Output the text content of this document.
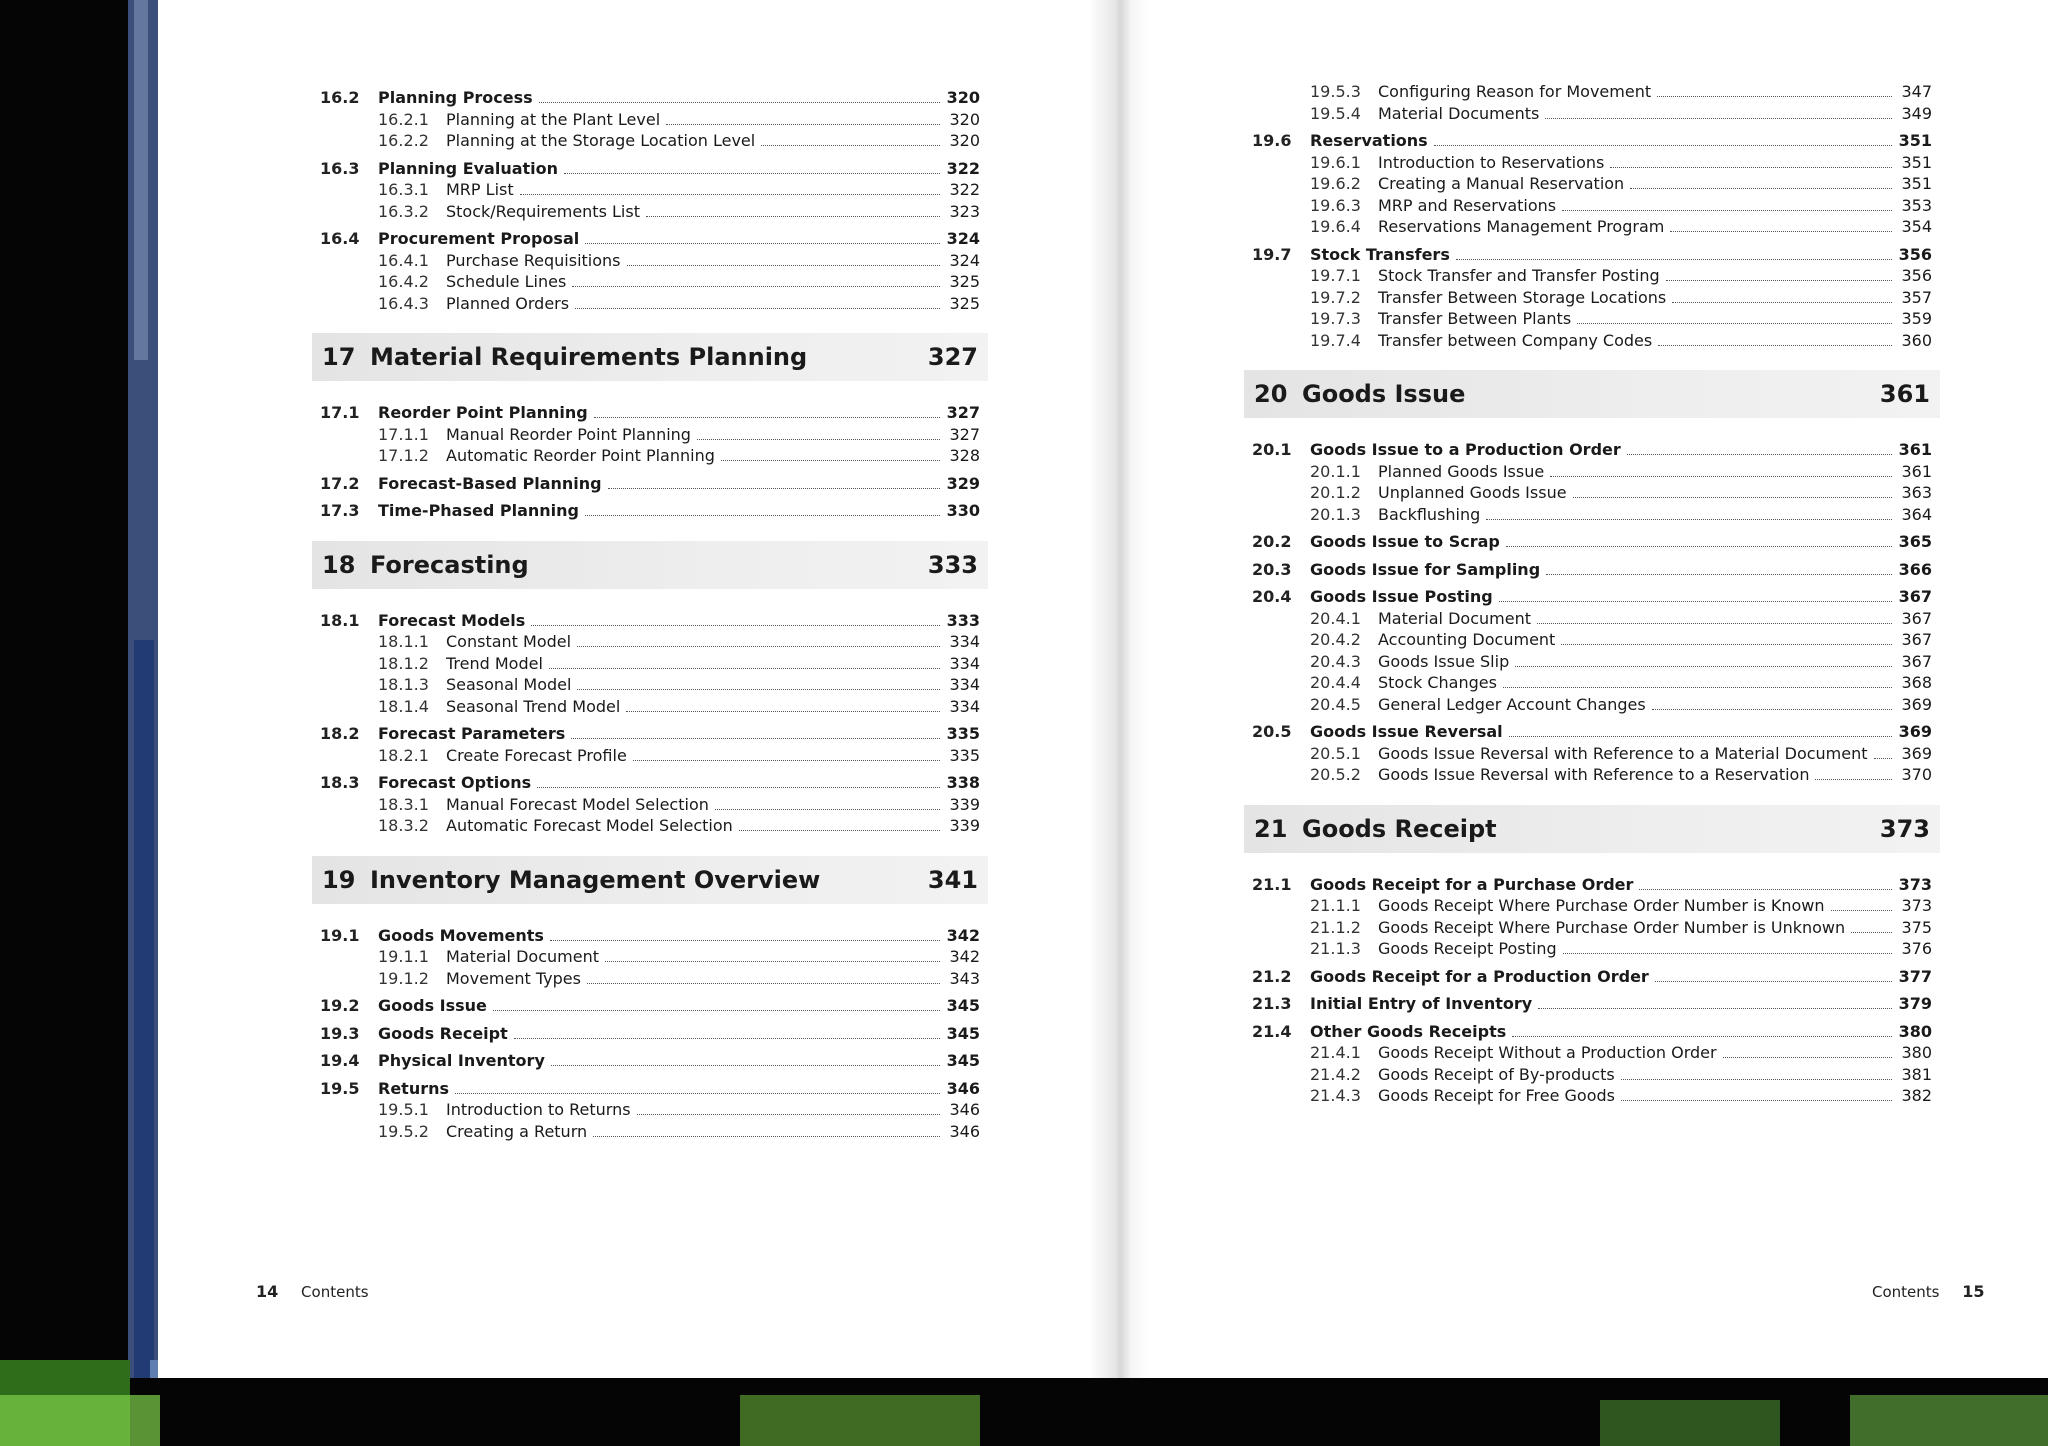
16.2	Planning Process	320
16.2.1	Planning at the Plant Level	320
16.2.2	Planning at the Storage Location Level	320
16.3	Planning Evaluation	322
16.3.1	MRP List	322
16.3.2	Stock/Requirements List	323
16.4	Procurement Proposal	324
16.4.1	Purchase Requisitions	324
16.4.2	Schedule Lines	325
16.4.3	Planned Orders	325
17 Material Requirements Planning	327
17.1	Reorder Point Planning	327
17.1.1	Manual Reorder Point Planning	327
17.1.2	Automatic Reorder Point Planning	328
17.2	Forecast-Based Planning	329
17.3	Time-Phased Planning	330
18 Forecasting	333
18.1	Forecast Models	333
18.1.1	Constant Model	334
18.1.2	Trend Model	334
18.1.3	Seasonal Model	334
18.1.4	Seasonal Trend Model	334
18.2	Forecast Parameters	335
18.2.1	Create Forecast Profile	335
18.3	Forecast Options	338
18.3.1	Manual Forecast Model Selection	339
18.3.2	Automatic Forecast Model Selection	339
19 Inventory Management Overview	341
19.1	Goods Movements	342
19.1.1	Material Document	342
19.1.2	Movement Types	343
19.2	Goods Issue	345
19.3	Goods Receipt	345
19.4	Physical Inventory	345
19.5	Returns	346
19.5.1	Introduction to Returns	346
19.5.2	Creating a Return	346
19.5.3	Configuring Reason for Movement	347
19.5.4	Material Documents	349
19.6	Reservations	351
19.6.1	Introduction to Reservations	351
19.6.2	Creating a Manual Reservation	351
19.6.3	MRP and Reservations	353
19.6.4	Reservations Management Program	354
19.7	Stock Transfers	356
19.7.1	Stock Transfer and Transfer Posting	356
19.7.2	Transfer Between Storage Locations	357
19.7.3	Transfer Between Plants	359
19.7.4	Transfer between Company Codes	360
20 Goods Issue	361
20.1	Goods Issue to a Production Order	361
20.1.1	Planned Goods Issue	361
20.1.2	Unplanned Goods Issue	363
20.1.3	Backflushing	364
20.2	Goods Issue to Scrap	365
20.3	Goods Issue for Sampling	366
20.4	Goods Issue Posting	367
20.4.1	Material Document	367
20.4.2	Accounting Document	367
20.4.3	Goods Issue Slip	367
20.4.4	Stock Changes	368
20.4.5	General Ledger Account Changes	369
20.5	Goods Issue Reversal	369
20.5.1	Goods Issue Reversal with Reference to a Material Document	369
20.5.2	Goods Issue Reversal with Reference to a Reservation	370
21 Goods Receipt	373
21.1	Goods Receipt for a Purchase Order	373
21.1.1	Goods Receipt Where Purchase Order Number is Known	373
21.1.2	Goods Receipt Where Purchase Order Number is Unknown	375
21.1.3	Goods Receipt Posting	376
21.2	Goods Receipt for a Production Order	377
21.3	Initial Entry of Inventory	379
21.4	Other Goods Receipts	380
21.4.1	Goods Receipt Without a Production Order	380
21.4.2	Goods Receipt of By-products	381
21.4.3	Goods Receipt for Free Goods	382
14 Contents	Contents 15
